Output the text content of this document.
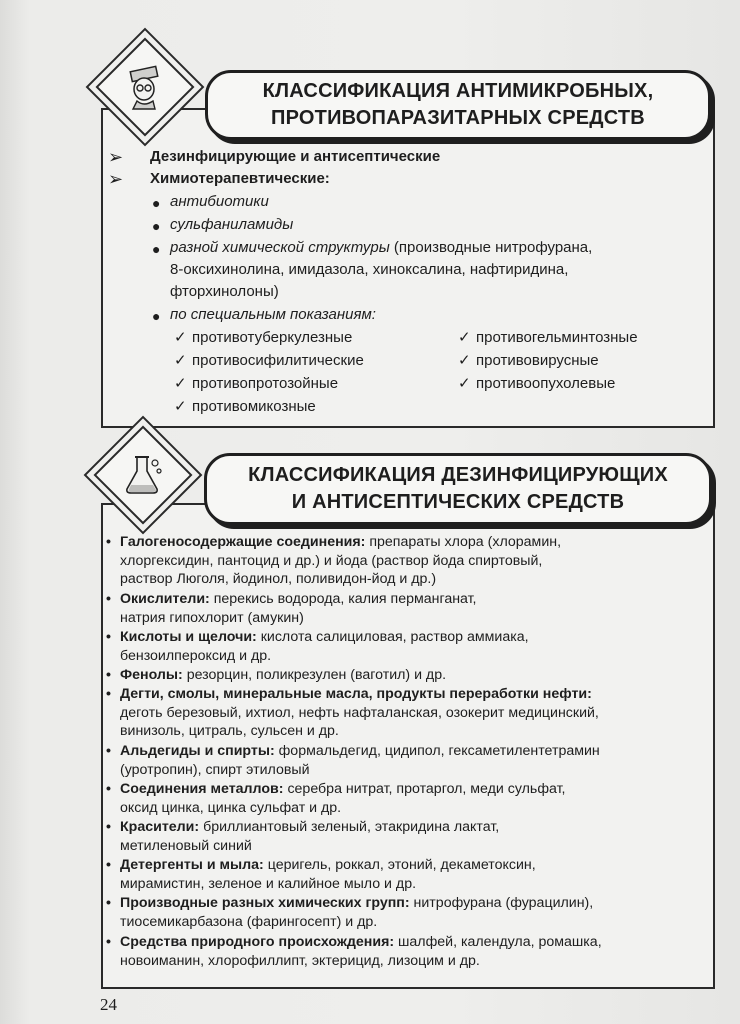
КЛАССИФИКАЦИЯ АНТИМИКРОБНЫХ,
ПРОТИВОПАРАЗИТАРНЫХ СРЕДСТВ
➢ Дезинфицирующие и антисептические
➢ Химиотерапевтические:
● антибиотики
● сульфаниламиды
● разной химической структуры (производные нитрофурана,
8-оксихинолина, имидазола, хиноксалина, нафтиридина,
фторхинолоны)
● по специальным показаниям:
✓ противотуберкулезные
✓ противосифилитические
✓ противопротозойные
✓ противомикозные
✓ противогельминтозные
✓ противовирусные
✓ противоопухолевые
КЛАССИФИКАЦИЯ ДЕЗИНФИЦИРУЮЩИХ
И АНТИСЕПТИЧЕСКИХ СРЕДСТВ
• Галогеносодержащие соединения: препараты хлора (хлорамин,
хлоргексидин, пантоцид и др.) и йода (раствор йода спиртовый,
раствор Люголя, йодинол, поливидон-йод и др.)
• Окислители: перекись водорода, калия перманганат,
натрия гипохлорит (амукин)
• Кислоты и щелочи: кислота салициловая, раствор аммиака,
бензоилпероксид и др.
• Фенолы: резорцин, поликрезулен (ваготил) и др.
• Дегти, смолы, минеральные масла, продукты переработки нефти:
деготь березовый, ихтиол, нефть нафталанская, озокерит медицинский,
винизоль, цитраль, сульсен и др.
• Альдегиды и спирты: формальдегид, цидипол, гексаметилентетрамин
(уротропин), спирт этиловый
• Соединения металлов: серебра нитрат, протаргол, меди сульфат,
оксид цинка, цинка сульфат и др.
• Красители: бриллиантовый зеленый, этакридина лактат,
метиленовый синий
• Детергенты и мыла: церигель, роккал, этоний, декаметоксин,
мирамистин, зеленое и калийное мыло и др.
• Производные разных химических групп: нитрофурана (фурацилин),
тиосемикарбазона (фарингосепт) и др.
• Средства природного происхождения: шалфей, календула, ромашка,
новоиманин, хлорофиллипт, эктерицид, лизоцим и др.
24
